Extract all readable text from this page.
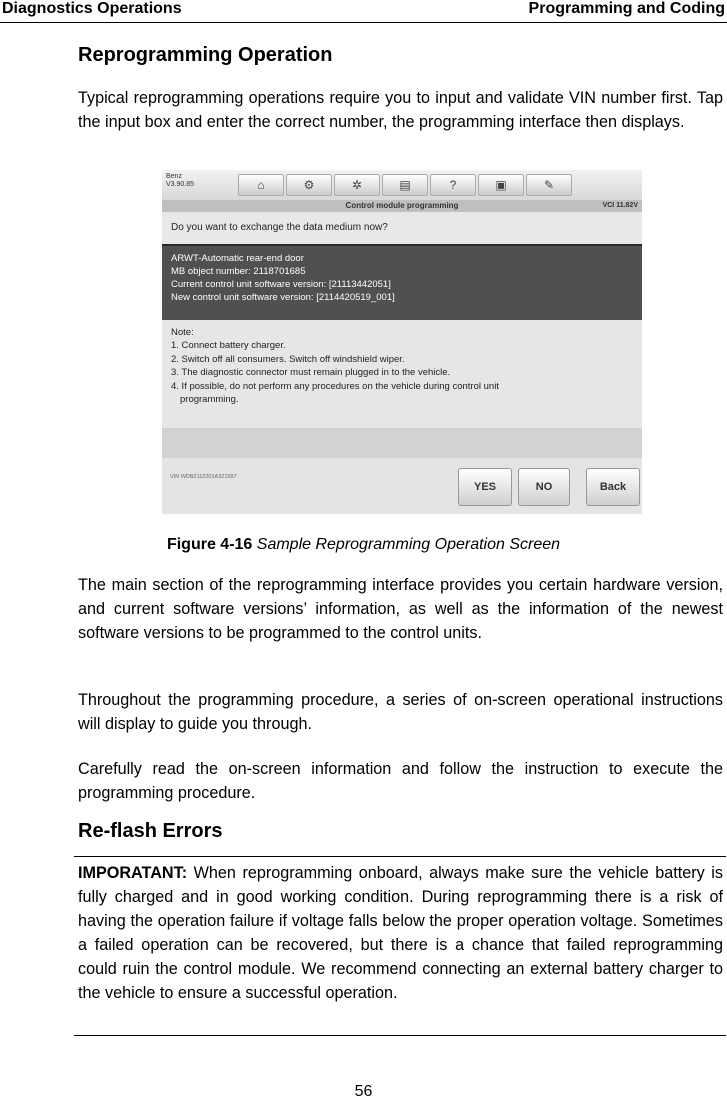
Diagnostics Operations	Programming and Coding
Reprogramming Operation

Typical reprogramming operations require you to input and validate VIN number first. Tap the input box and enter the correct number, the programming interface then displays.

Benz
V3.90.85	⌂	⚙	✲	▤	?	▣	✎
Control module programming	VCI 11.82V
Do you want to exchange the data medium now?
ARWT-Automatic rear-end door
MB object number: 2118701685
Current control unit software version: [21113442051]
New control unit software version: [2114420519_001]
Note:
1. Connect battery charger.
2. Switch off all consumers. Switch off windshield wiper.
3. The diagnostic connector must remain plugged in to the vehicle.
4. If possible, do not perform any procedures on the vehicle during control unit
programming.
VIN WDB2112201A321587
YES	NO	Back
Figure 4-16 Sample Reprogramming Operation Screen

The main section of the reprogramming interface provides you certain hardware version, and current software versions’ information, as well as the information of the newest software versions to be programmed to the control units.

Throughout the programming procedure, a series of on-screen operational instructions will display to guide you through.

Carefully read the on-screen information and follow the instruction to execute the programming procedure.

Re-flash Errors

IMPORATANT: When reprogramming onboard, always make sure the vehicle battery is fully charged and in good working condition. During reprogramming there is a risk of having the operation failure if voltage falls below the proper operation voltage. Sometimes a failed operation can be recovered, but there is a chance that failed reprogramming could ruin the control module. We recommend connecting an external battery charger to the vehicle to ensure a successful operation.

56
